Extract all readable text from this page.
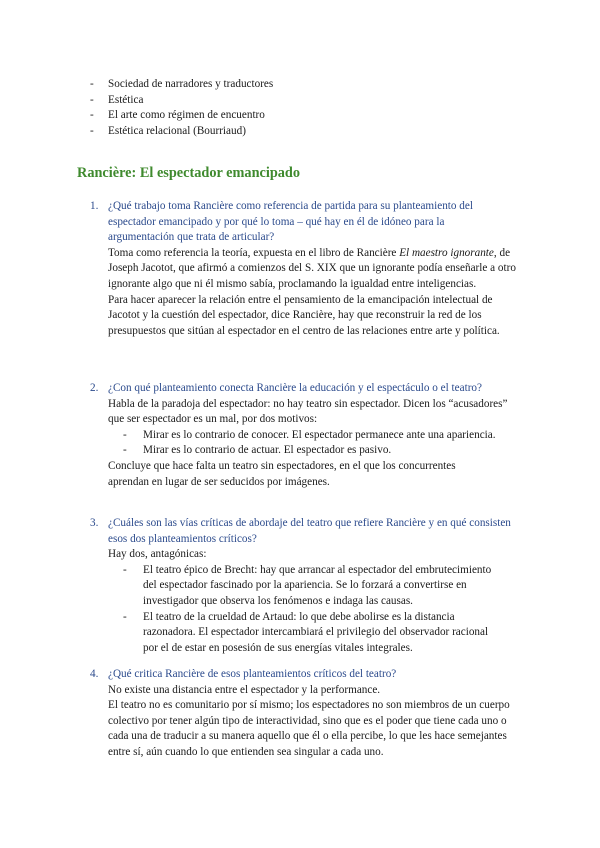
-	Sociedad de narradores y traductores
-	Estética
-	El arte como régimen de encuentro
-	Estética relacional (Bourriaud)
Rancière: El espectador emancipado
1. ¿Qué trabajo toma Rancière como referencia de partida para su planteamiento del espectador emancipado y por qué lo toma – qué hay en él de idóneo para la argumentación que trata de articular?

Toma como referencia la teoría, expuesta en el libro de Rancière El maestro ignorante, de Joseph Jacotot, que afirmó a comienzos del S. XIX que un ignorante podía enseñarle a otro ignorante algo que ni él mismo sabía, proclamando la igualdad entre inteligencias.

Para hacer aparecer la relación entre el pensamiento de la emancipación intelectual de Jacotot y la cuestión del espectador, dice Rancière, hay que reconstruir la red de los presupuestos que sitúan al espectador en el centro de las relaciones entre arte y política.

2. ¿Con qué planteamiento conecta Rancière la educación y el espectáculo o el teatro?

Habla de la paradoja del espectador: no hay teatro sin espectador. Dicen los “acusadores” que ser espectador es un mal, por dos motivos:

-	Mirar es lo contrario de conocer. El espectador permanece ante una apariencia.
-	Mirar es lo contrario de actuar. El espectador es pasivo.

Concluye que hace falta un teatro sin espectadores, en el que los concurrentes aprendan en lugar de ser seducidos por imágenes.

3. ¿Cuáles son las vías críticas de abordaje del teatro que refiere Rancière y en qué consisten esos dos planteamientos críticos?

Hay dos, antagónicas:

-	El teatro épico de Brecht: hay que arrancar al espectador del embrutecimiento del espectador fascinado por la apariencia. Se lo forzará a convertirse en investigador que observa los fenómenos e indaga las causas.
-	El teatro de la crueldad de Artaud: lo que debe abolirse es la distancia razonadora. El espectador intercambiará el privilegio del observador racional por el de estar en posesión de sus energías vitales integrales.
4. ¿Qué critica Rancière de esos planteamientos críticos del teatro?

No existe una distancia entre el espectador y la performance.

El teatro no es comunitario por sí mismo; los espectadores no son miembros de un cuerpo colectivo por tener algún tipo de interactividad, sino que es el poder que tiene cada uno o cada una de traducir a su manera aquello que él o ella percibe, lo que les hace semejantes entre sí, aún cuando lo que entienden sea singular a cada uno.
